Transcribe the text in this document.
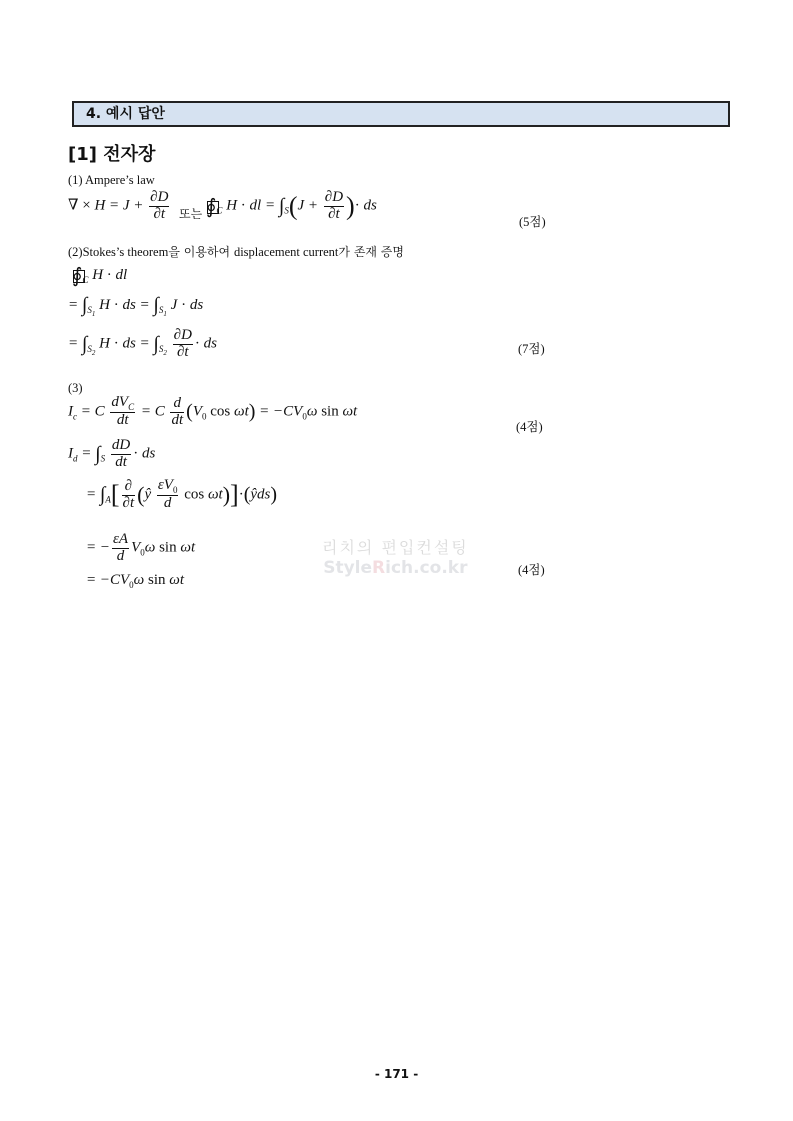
4. 예시 답안
[1] 전자장
(1) Ampere’s law
∇ × $H = J + \frac{\partial D}{\partial t}$ 또는 $∮_C$ H · dl = $\int_S(J + \frac{\partial D}{\partial t}$ )· ds
(5점)
(2)Stokes’s theorem을 이용하여 displacement current가 존재 증명
$∮_C$ H · dl
= $\int_{S_1}$ H · ds = $\int_{S_1}$ J · ds
= $\int_{S_2}$ H · ds = $\int_{S_2} \frac{\partial D}{\partial t}$ · ds	(7점)
(3)
$I_c = C \frac{dV_C}{dt} = C \frac{d}{dt} (V_0$ $\cos \omega t) = -CV_0\omega$ sin ωt
(4점)
$I_d = \int_S \frac{dD}{dt}$ · ds
= $\int_A[ \frac{\partial}{\partial t}$ (ŷ $\frac{\varepsilon V_0}{d}$ cos ωt)]·(ŷds)
= − $\frac{\varepsilon A}{d} V_0\omega$ sin ωt
= $-CV_0\omega$ sin ωt
(4점)
리치의 편입컨설팅
StyleRich.co.kr
- 171 -
